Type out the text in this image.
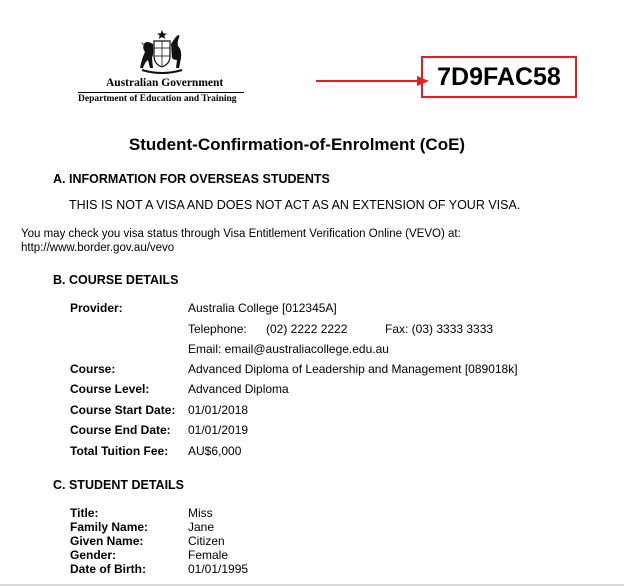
Australian Government
Department of Education and Training
7D9FAC58
Student-Confirmation-of-Enrolment (CoE)
A. INFORMATION FOR OVERSEAS STUDENTS
THIS IS NOT A VISA AND DOES NOT ACT AS AN EXTENSION OF YOUR VISA.
You may check you visa status through Visa Entitlement Verification Online (VEVO) at:
http://www.border.gov.au/vevo
B. COURSE DETAILS
Provider:	Australia College [012345A]
Telephone: (02) 2222 2222	Fax: (03) 3333 3333
Email: email@australiacollege.edu.au
Course:	Advanced Diploma of Leadership and Management [089018k]
Course Level:	Advanced Diploma
Course Start Date: 01/01/2018
Course End Date: 01/01/2019
Total Tuition Fee: AU$6,000
C. STUDENT DETAILS
Title:	Miss
Family Name:	Jane
Given Name:	Citizen
Gender:	Female
Date of Birth:	01/01/1995
